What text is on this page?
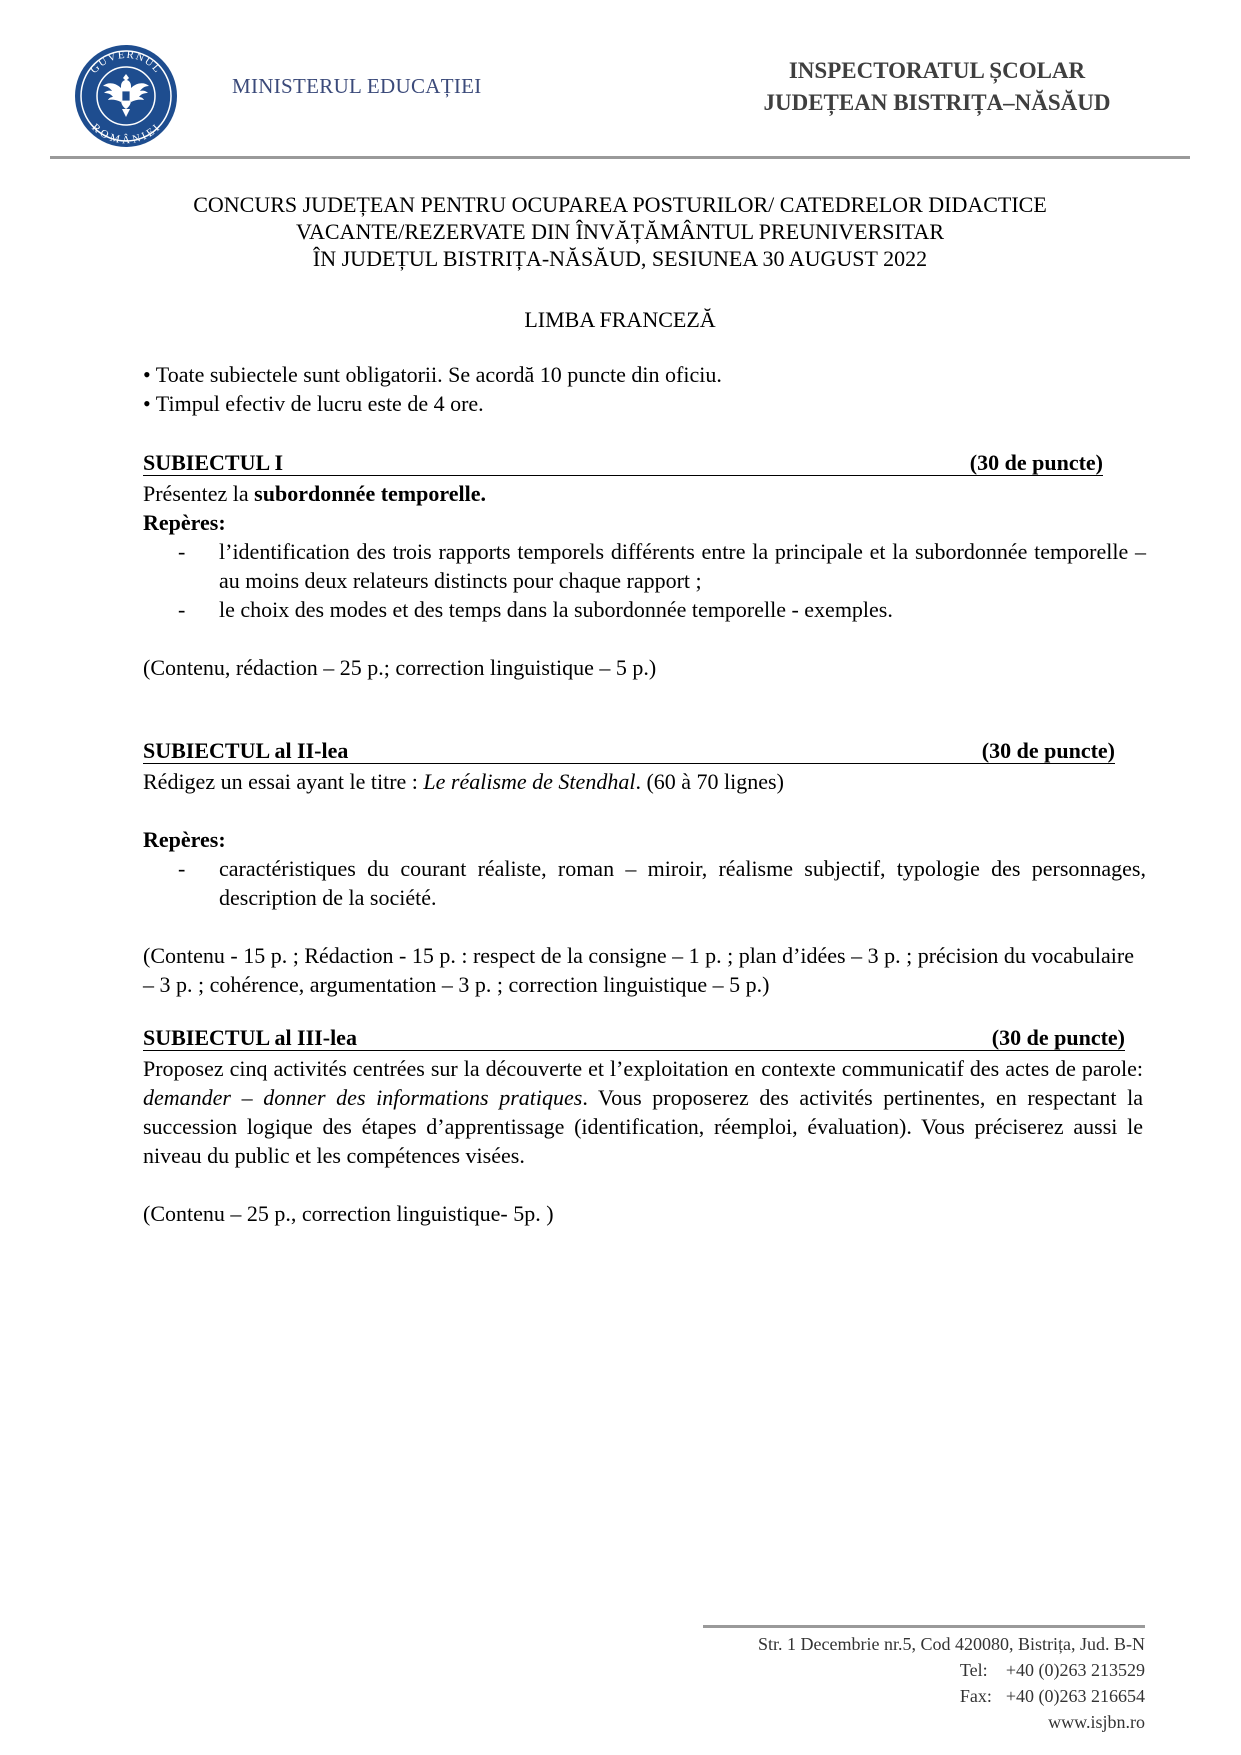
GUVERNUL
ROMÂNIEI
MINISTERUL EDUCAȚIEI
INSPECTORATUL ȘCOLAR
JUDEȚEAN BISTRIȚA–NĂSĂUD
CONCURS JUDEȚEAN PENTRU OCUPAREA POSTURILOR/ CATEDRELOR DIDACTICE
VACANTE/REZERVATE DIN ÎNVĂȚĂMÂNTUL PREUNIVERSITAR
ÎN JUDEȚUL BISTRIȚA-NĂSĂUD, SESIUNEA 30 AUGUST 2022
LIMBA FRANCEZĂ
• Toate subiectele sunt obligatorii. Se acordă 10 puncte din oficiu.
• Timpul efectiv de lucru este de 4 ore.
SUBIECTUL I	(30 de puncte)
Présentez la subordonnée temporelle.
Repères:
- l’identification des trois rapports temporels différents entre la principale et la subordonnée temporelle – au moins deux relateurs distincts pour chaque rapport ;
- le choix des modes et des temps dans la subordonnée temporelle - exemples.
(Contenu, rédaction – 25 p.; correction linguistique – 5 p.)
SUBIECTUL al II-lea	(30 de puncte)
Rédigez un essai ayant le titre : Le réalisme de Stendhal. (60 à 70 lignes)
Repères:
- caractéristiques du courant réaliste, roman – miroir, réalisme subjectif, typologie des personnages, description de la société.
(Contenu - 15 p. ; Rédaction - 15 p. : respect de la consigne – 1 p. ; plan d’idées – 3 p. ; précision du vocabulaire – 3 p. ; cohérence, argumentation – 3 p. ; correction linguistique – 5 p.)
SUBIECTUL al III-lea	(30 de puncte)
Proposez cinq activités centrées sur la découverte et l’exploitation en contexte communicatif des actes de parole: demander – donner des informations pratiques. Vous proposerez des activités pertinentes, en respectant la succession logique des étapes d’apprentissage (identification, réemploi, évaluation). Vous préciserez aussi le niveau du public et les compétences visées.
(Contenu – 25 p., correction linguistique- 5p. )
Str. 1 Decembrie nr.5, Cod 420080, Bistrița, Jud. B-N
Tel: +40 (0)263 213529
Fax: +40 (0)263 216654
www.isjbn.ro
